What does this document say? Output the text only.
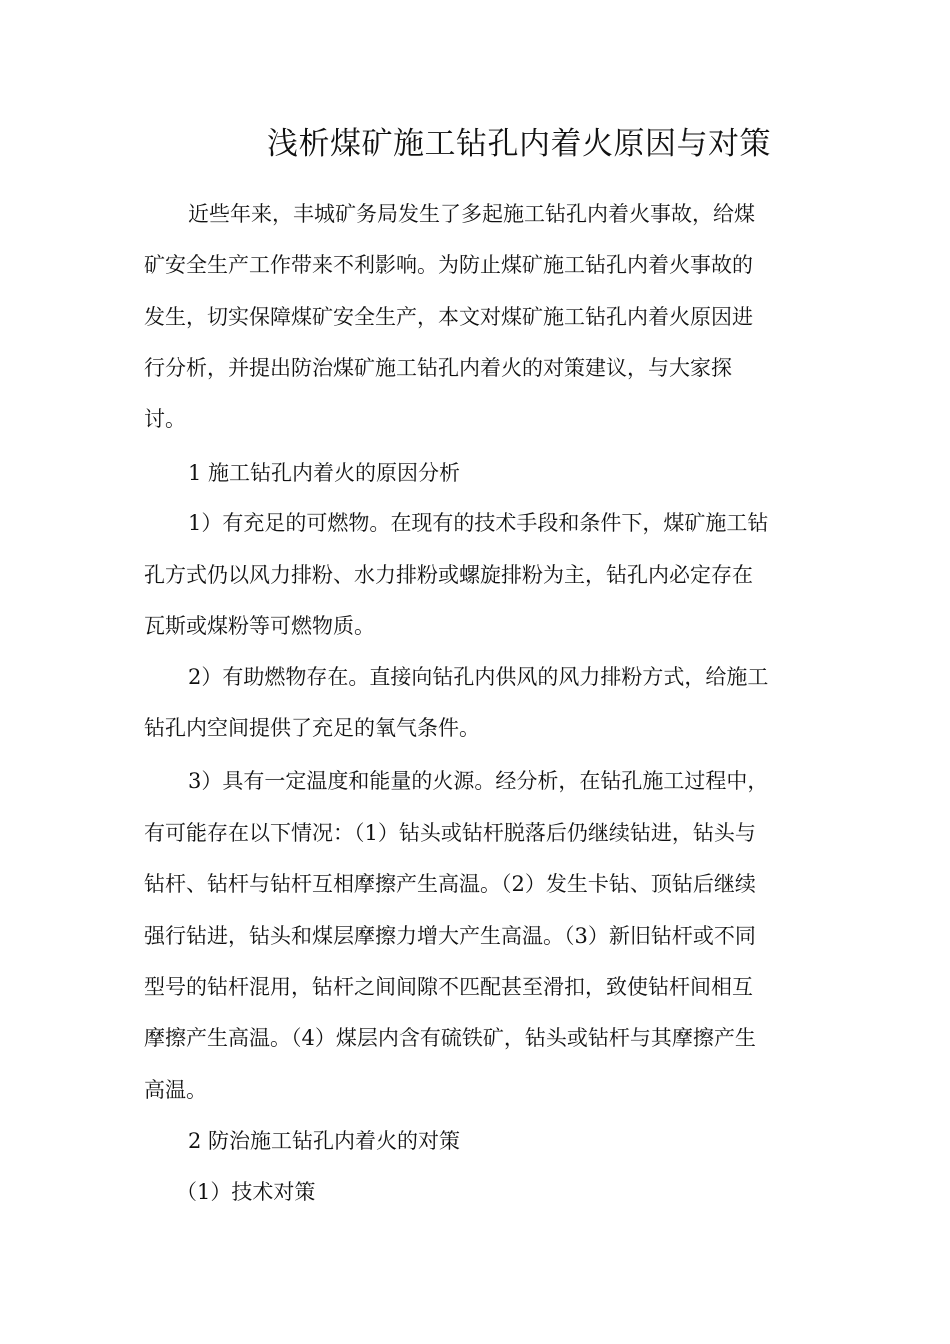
浅析煤矿施工钻孔内着火原因与对策
近些年来，丰城矿务局发生了多起施工钻孔内着火事故，给煤
矿安全生产工作带来不利影响。为防止煤矿施工钻孔内着火事故的
发生，切实保障煤矿安全生产，本文对煤矿施工钻孔内着火原因进
行分析，并提出防治煤矿施工钻孔内着火的对策建议，与大家探
讨。
1 施工钻孔内着火的原因分析
1）有充足的可燃物。在现有的技术手段和条件下，煤矿施工钻
孔方式仍以风力排粉、水力排粉或螺旋排粉为主，钻孔内必定存在
瓦斯或煤粉等可燃物质。
2）有助燃物存在。直接向钻孔内供风的风力排粉方式，给施工
钻孔内空间提供了充足的氧气条件。
3）具有一定温度和能量的火源。经分析，在钻孔施工过程中，
有可能存在以下情况：（1）钻头或钻杆脱落后仍继续钻进，钻头与
钻杆、钻杆与钻杆互相摩擦产生高温。（2）发生卡钻、顶钻后继续
强行钻进，钻头和煤层摩擦力增大产生高温。（3）新旧钻杆或不同
型号的钻杆混用，钻杆之间间隙不匹配甚至滑扣，致使钻杆间相互
摩擦产生高温。（4）煤层内含有硫铁矿，钻头或钻杆与其摩擦产生
高温。
2 防治施工钻孔内着火的对策
（1）技术对策
